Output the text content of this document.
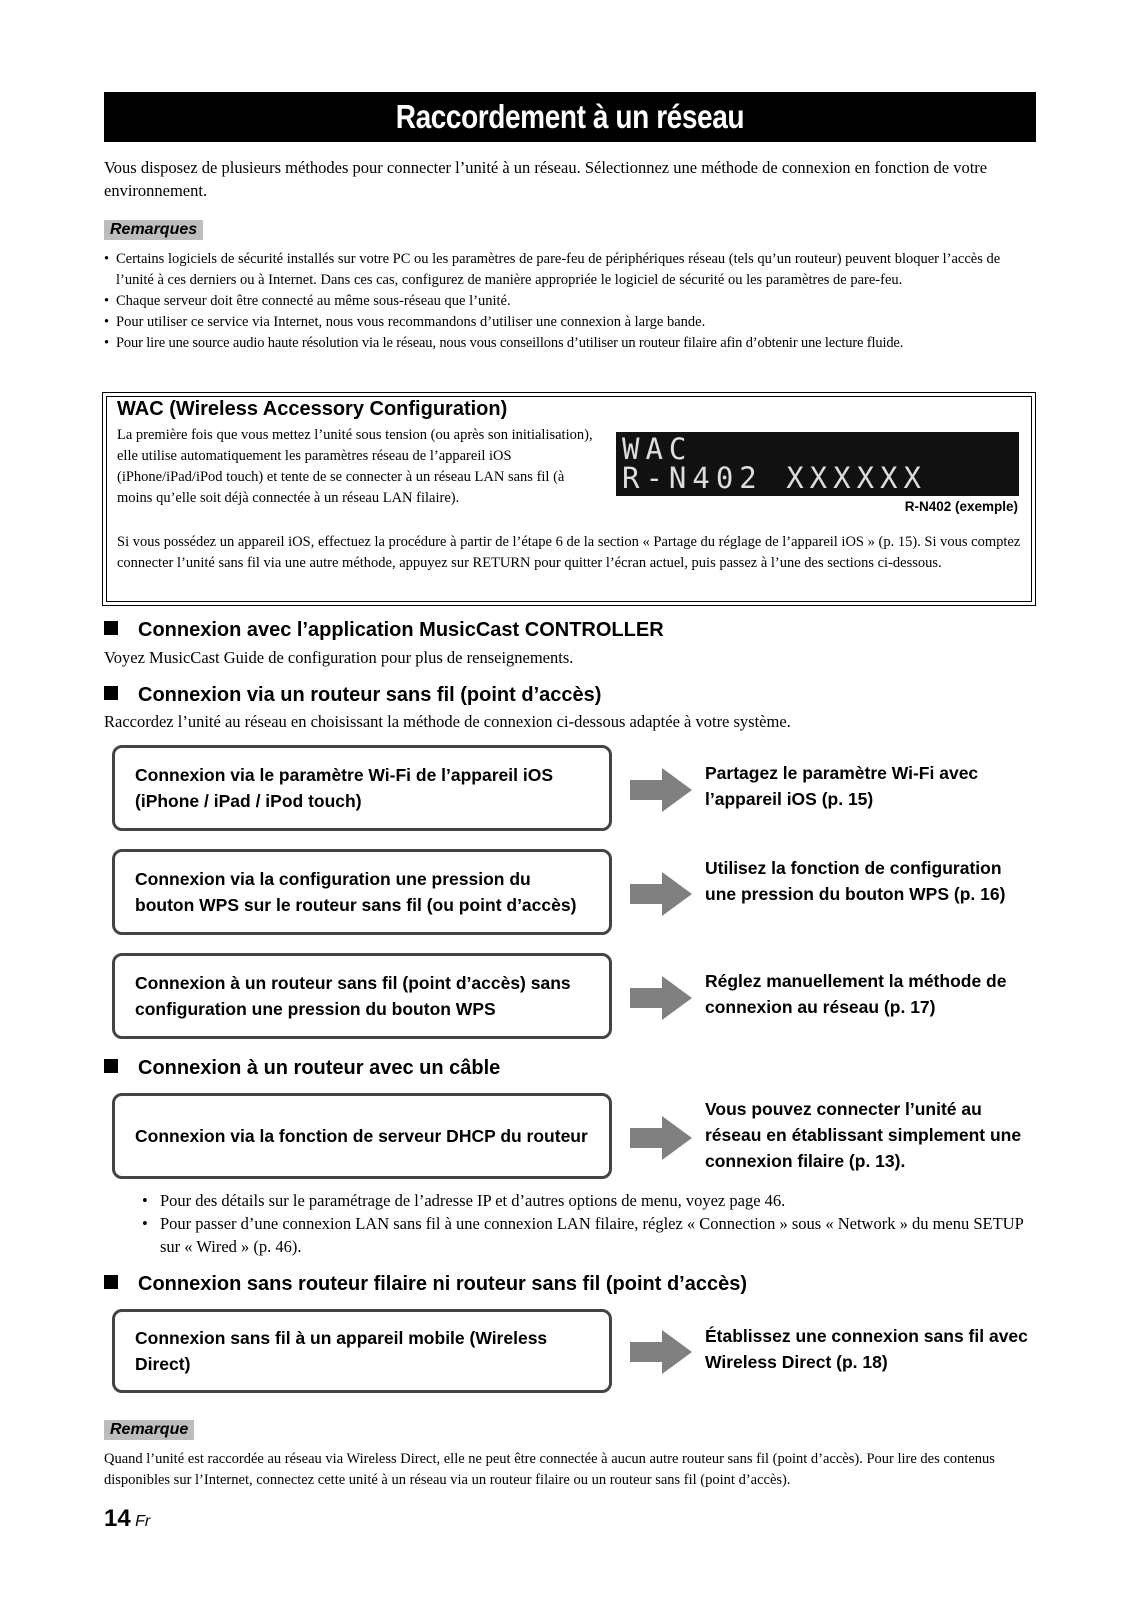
Raccordement à un réseau
Vous disposez de plusieurs méthodes pour connecter l’unité à un réseau. Sélectionnez une méthode de connexion en fonction de votre environnement.
Remarques
• Certains logiciels de sécurité installés sur votre PC ou les paramètres de pare-feu de périphériques réseau (tels qu’un routeur) peuvent bloquer l’accès de l’unité à ces derniers ou à Internet. Dans ces cas, configurez de manière appropriée le logiciel de sécurité ou les paramètres de pare-feu.
• Chaque serveur doit être connecté au même sous-réseau que l’unité.
• Pour utiliser ce service via Internet, nous vous recommandons d’utiliser une connexion à large bande.
• Pour lire une source audio haute résolution via le réseau, nous vous conseillons d’utiliser un routeur filaire afin d’obtenir une lecture fluide.
WAC (Wireless Accessory Configuration)
La première fois que vous mettez l’unité sous tension (ou après son initialisation), elle utilise automatiquement les paramètres réseau de l’appareil iOS (iPhone/iPad/iPod touch) et tente de se connecter à un réseau LAN sans fil (à moins qu’elle soit déjà connectée à un réseau LAN filaire).
WAC
R-N402 XXXXXX
R-N402 (exemple)
Si vous possédez un appareil iOS, effectuez la procédure à partir de l’étape 6 de la section « Partage du réglage de l’appareil iOS » (p. 15). Si vous comptez connecter l’unité sans fil via une autre méthode, appuyez sur RETURN pour quitter l’écran actuel, puis passez à l’une des sections ci-dessous.
Connexion avec l’application MusicCast CONTROLLER
Voyez MusicCast Guide de configuration pour plus de renseignements.
Connexion via un routeur sans fil (point d’accès)
Raccordez l’unité au réseau en choisissant la méthode de connexion ci-dessous adaptée à votre système.
Connexion via le paramètre Wi-Fi de l’appareil iOS (iPhone / iPad / iPod touch)
Partagez le paramètre Wi-Fi avec l’appareil iOS (p. 15)
Connexion via la configuration une pression du bouton WPS sur le routeur sans fil (ou point d’accès)
Utilisez la fonction de configuration une pression du bouton WPS (p. 16)
Connexion à un routeur sans fil (point d’accès) sans configuration une pression du bouton WPS
Réglez manuellement la méthode de connexion au réseau (p. 17)
Connexion à un routeur avec un câble
Connexion via la fonction de serveur DHCP du routeur
Vous pouvez connecter l’unité au réseau en établissant simplement une connexion filaire (p. 13).
• Pour des détails sur le paramétrage de l’adresse IP et d’autres options de menu, voyez page 46.
• Pour passer d’une connexion LAN sans fil à une connexion LAN filaire, réglez « Connection » sous « Network » du menu SETUP sur « Wired » (p. 46).
Connexion sans routeur filaire ni routeur sans fil (point d’accès)
Connexion sans fil à un appareil mobile (Wireless Direct)
Établissez une connexion sans fil avec Wireless Direct (p. 18)
Remarque
Quand l’unité est raccordée au réseau via Wireless Direct, elle ne peut être connectée à aucun autre routeur sans fil (point d’accès). Pour lire des contenus disponibles sur l’Internet, connectez cette unité à un réseau via un routeur filaire ou un routeur sans fil (point d’accès).
14 Fr
